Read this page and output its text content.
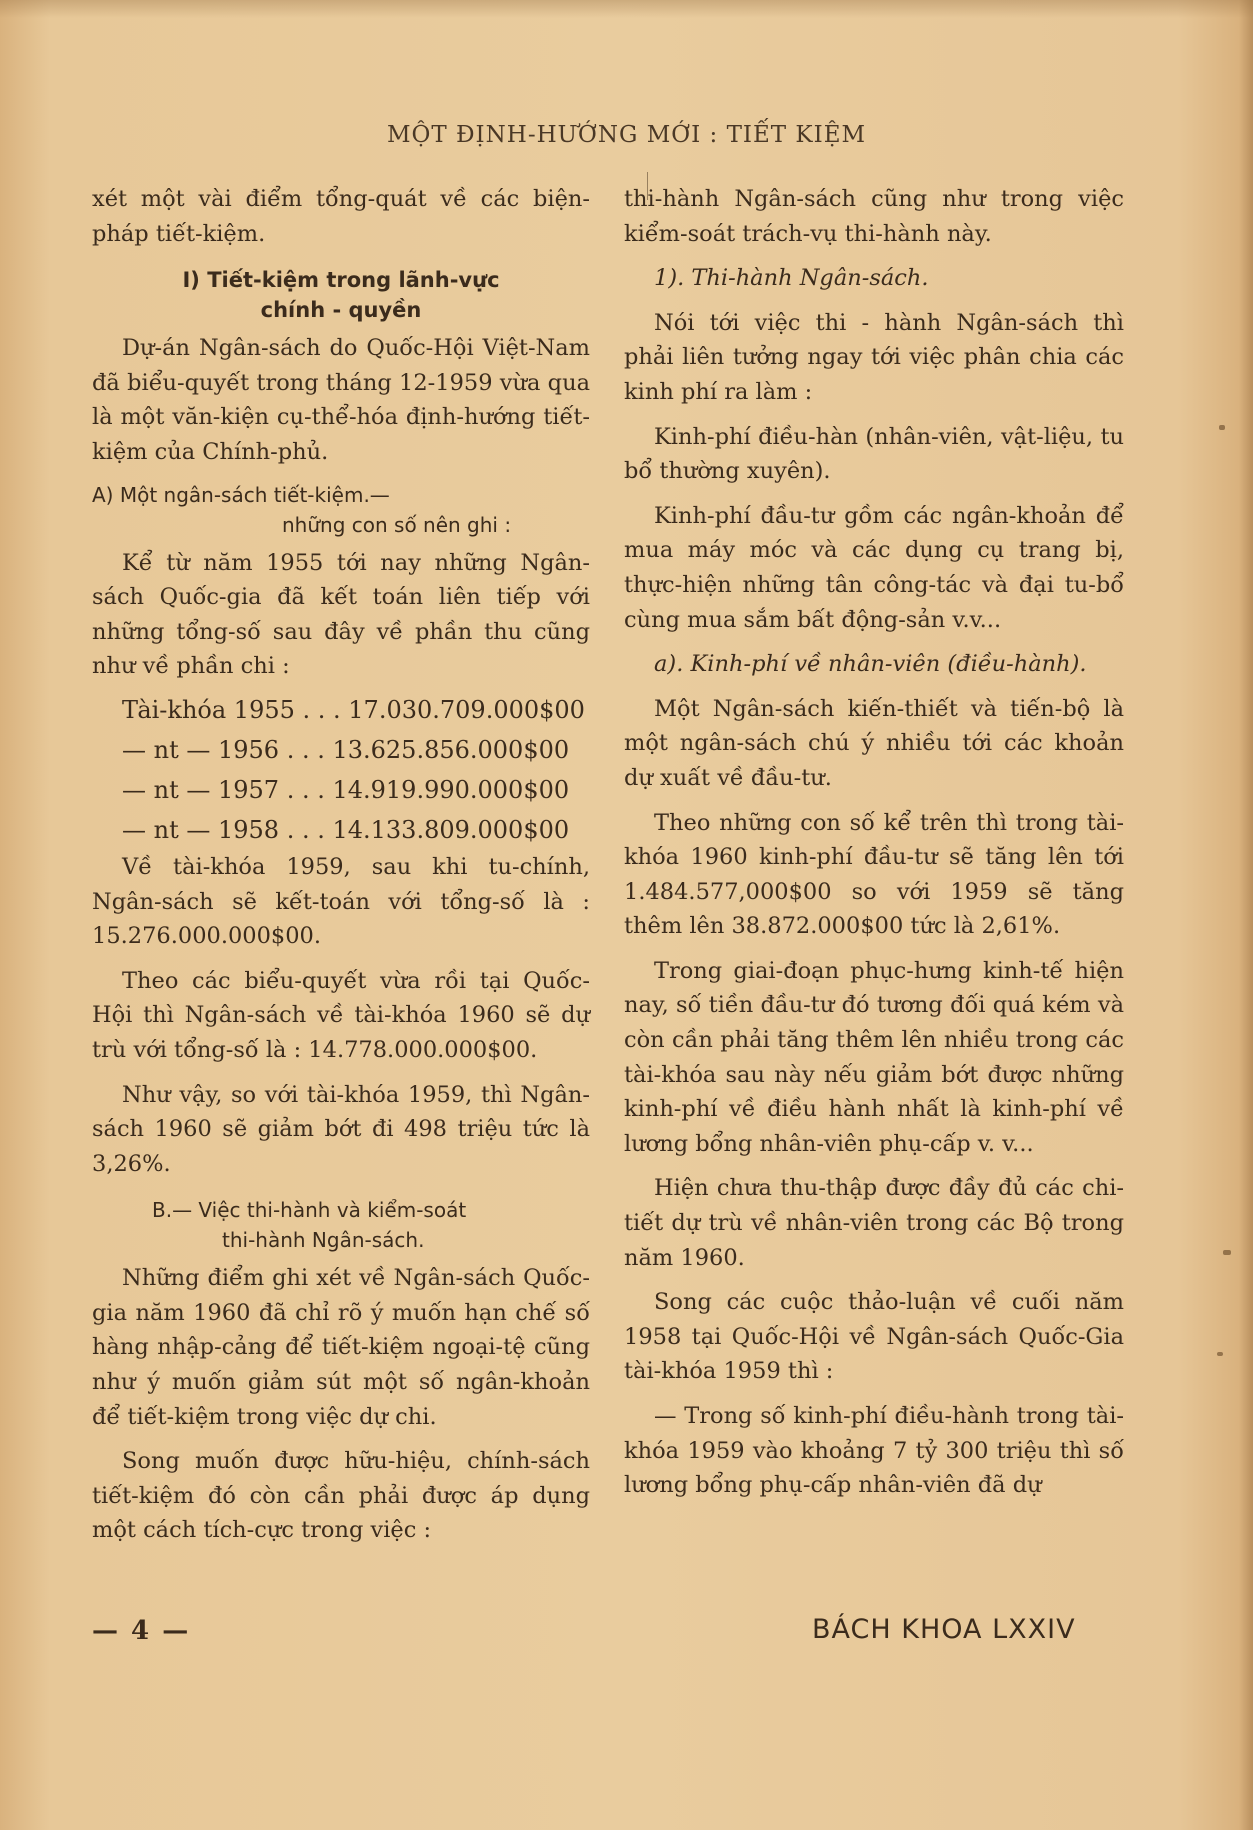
MỘT ĐỊNH-HƯỚNG MỚI : TIẾT KIỆM

xét một vài điểm tổng-quát về các biện-pháp tiết-kiệm.

I) Tiết-kiệm trong lãnh-vực
chính - quyền

Dự-án Ngân-sách do Quốc-Hội Việt-Nam đã biểu-quyết trong tháng 12-1959 vừa qua là một văn-kiện cụ-thể-hóa định-hướng tiết-kiệm của Chính-phủ.

A) Một ngân-sách tiết-kiệm.—
những con số nên ghi :

Kể từ năm 1955 tới nay những Ngân-sách Quốc-gia đã kết toán liên tiếp với những tổng-số sau đây về phần thu cũng như về phần chi :

Tài-khóa 1955 . . . 17.030.709.000$00
— nt — 1956 . . . 13.625.856.000$00
— nt — 1957 . . . 14.919.990.000$00
— nt — 1958 . . . 14.133.809.000$00

Về tài-khóa 1959, sau khi tu-chính, Ngân-sách sẽ kết-toán với tổng-số là : 15.276.000.000$00.

Theo các biểu-quyết vừa rồi tại Quốc-Hội thì Ngân-sách về tài-khóa 1960 sẽ dự trù với tổng-số là : 14.778.000.000$00.

Như vậy, so với tài-khóa 1959, thì Ngân-sách 1960 sẽ giảm bớt đi 498 triệu tức là 3,26%.

B.— Việc thi-hành và kiểm-soát
thi-hành Ngân-sách.

Những điểm ghi xét về Ngân-sách Quốc-gia năm 1960 đã chỉ rõ ý muốn hạn chế số hàng nhập-cảng để tiết-kiệm ngoại-tệ cũng như ý muốn giảm sút một số ngân-khoản để tiết-kiệm trong việc dự chi.

Song muốn được hữu-hiệu, chính-sách tiết-kiệm đó còn cần phải được áp dụng một cách tích-cực trong việc :

thi-hành Ngân-sách cũng như trong việc kiểm-soát trách-vụ thi-hành này.

1). Thi-hành Ngân-sách.

Nói tới việc thi - hành Ngân-sách thì phải liên tưởng ngay tới việc phân chia các kinh phí ra làm :

Kinh-phí điều-hàn (nhân-viên, vật-liệu, tu bổ thường xuyên).

Kinh-phí đầu-tư gồm các ngân-khoản để mua máy móc và các dụng cụ trang bị, thực-hiện những tân công-tác và đại tu-bổ cùng mua sắm bất động-sản v.v...

a). Kinh-phí về nhân-viên (điều-hành).

Một Ngân-sách kiến-thiết và tiến-bộ là một ngân-sách chú ý nhiều tới các khoản dự xuất về đầu-tư.

Theo những con số kể trên thì trong tài-khóa 1960 kinh-phí đầu-tư sẽ tăng lên tới 1.484.577,000$00 so với 1959 sẽ tăng thêm lên 38.872.000$00 tức là 2,61%.

Trong giai-đoạn phục-hưng kinh-tế hiện nay, số tiền đầu-tư đó tương đối quá kém và còn cần phải tăng thêm lên nhiều trong các tài-khóa sau này nếu giảm bớt được những kinh-phí về điều hành nhất là kinh-phí về lương bổng nhân-viên phụ-cấp v. v...

Hiện chưa thu-thập được đầy đủ các chi-tiết dự trù về nhân-viên trong các Bộ trong năm 1960.

Song các cuộc thảo-luận về cuối năm 1958 tại Quốc-Hội về Ngân-sách Quốc-Gia tài-khóa 1959 thì :

— Trong số kinh-phí điều-hành trong tài-khóa 1959 vào khoảng 7 tỷ 300 triệu thì số lương bổng phụ-cấp nhân-viên đã dự

— 4 —	BÁCH KHOA LXXIV
